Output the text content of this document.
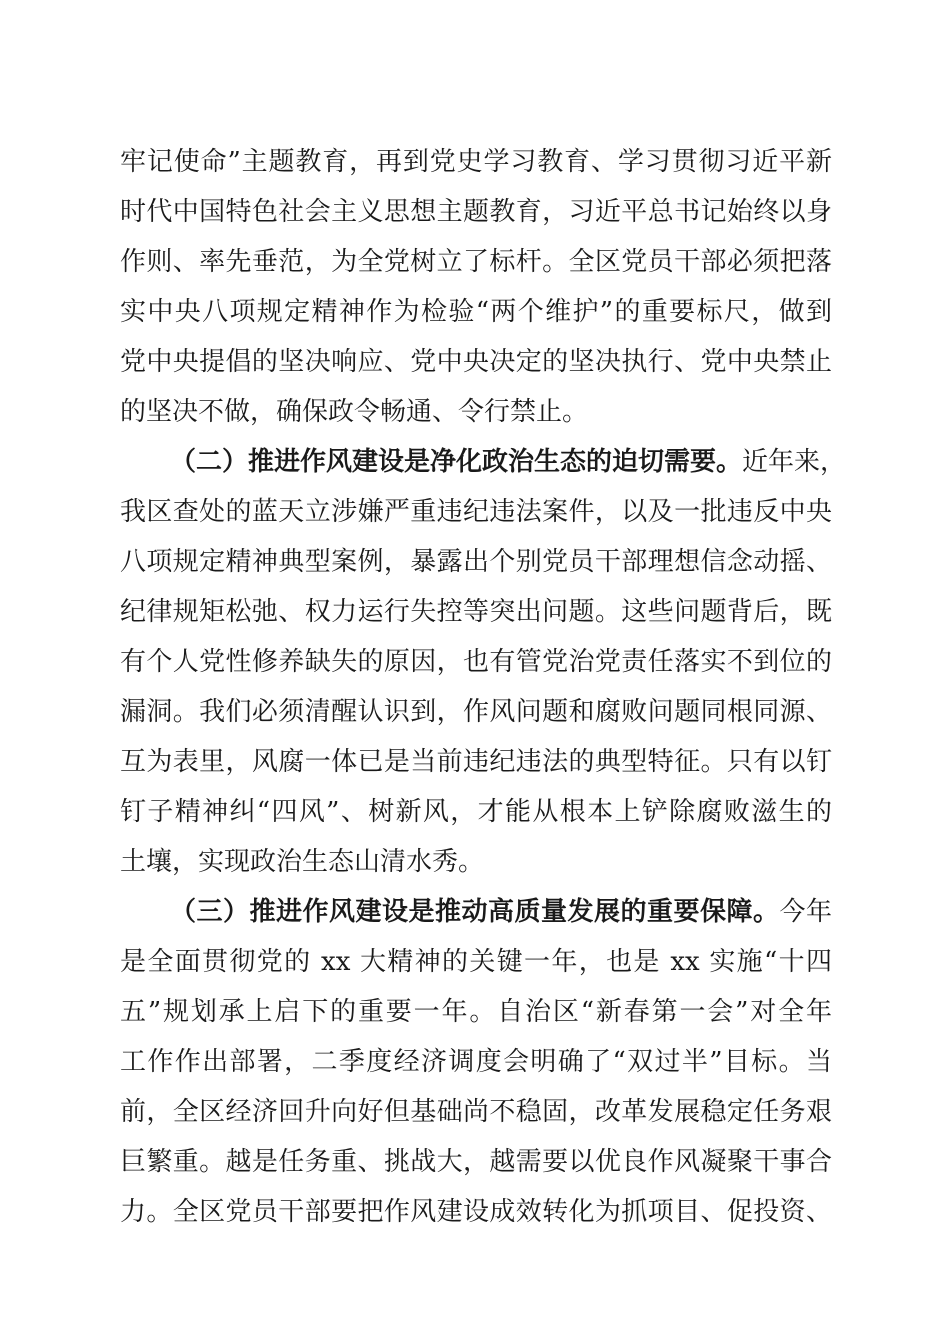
牢记使命”主题教育，再到党史学习教育、学习贯彻习近平新
时代中国特色社会主义思想主题教育，习近平总书记始终以身
作则、率先垂范，为全党树立了标杆。全区党员干部必须把落
实中央八项规定精神作为检验“两个维护”的重要标尺，做到
党中央提倡的坚决响应、党中央决定的坚决执行、党中央禁止
的坚决不做，确保政令畅通、令行禁止。
（二）推进作风建设是净化政治生态的迫切需要。近年来，
我区查处的蓝天立涉嫌严重违纪违法案件，以及一批违反中央
八项规定精神典型案例，暴露出个别党员干部理想信念动摇、
纪律规矩松弛、权力运行失控等突出问题。这些问题背后，既
有个人党性修养缺失的原因，也有管党治党责任落实不到位的
漏洞。我们必须清醒认识到，作风问题和腐败问题同根同源、
互为表里，风腐一体已是当前违纪违法的典型特征。只有以钉
钉子精神纠“四风”、树新风，才能从根本上铲除腐败滋生的
土壤，实现政治生态山清水秀。
（三）推进作风建设是推动高质量发展的重要保障。今年
是全面贯彻党的 xx 大精神的关键一年，也是 xx 实施“十四
五”规划承上启下的重要一年。自治区“新春第一会”对全年
工作作出部署，二季度经济调度会明确了“双过半”目标。当
前，全区经济回升向好但基础尚不稳固，改革发展稳定任务艰
巨繁重。越是任务重、挑战大，越需要以优良作风凝聚干事合
力。全区党员干部要把作风建设成效转化为抓项目、促投资、
